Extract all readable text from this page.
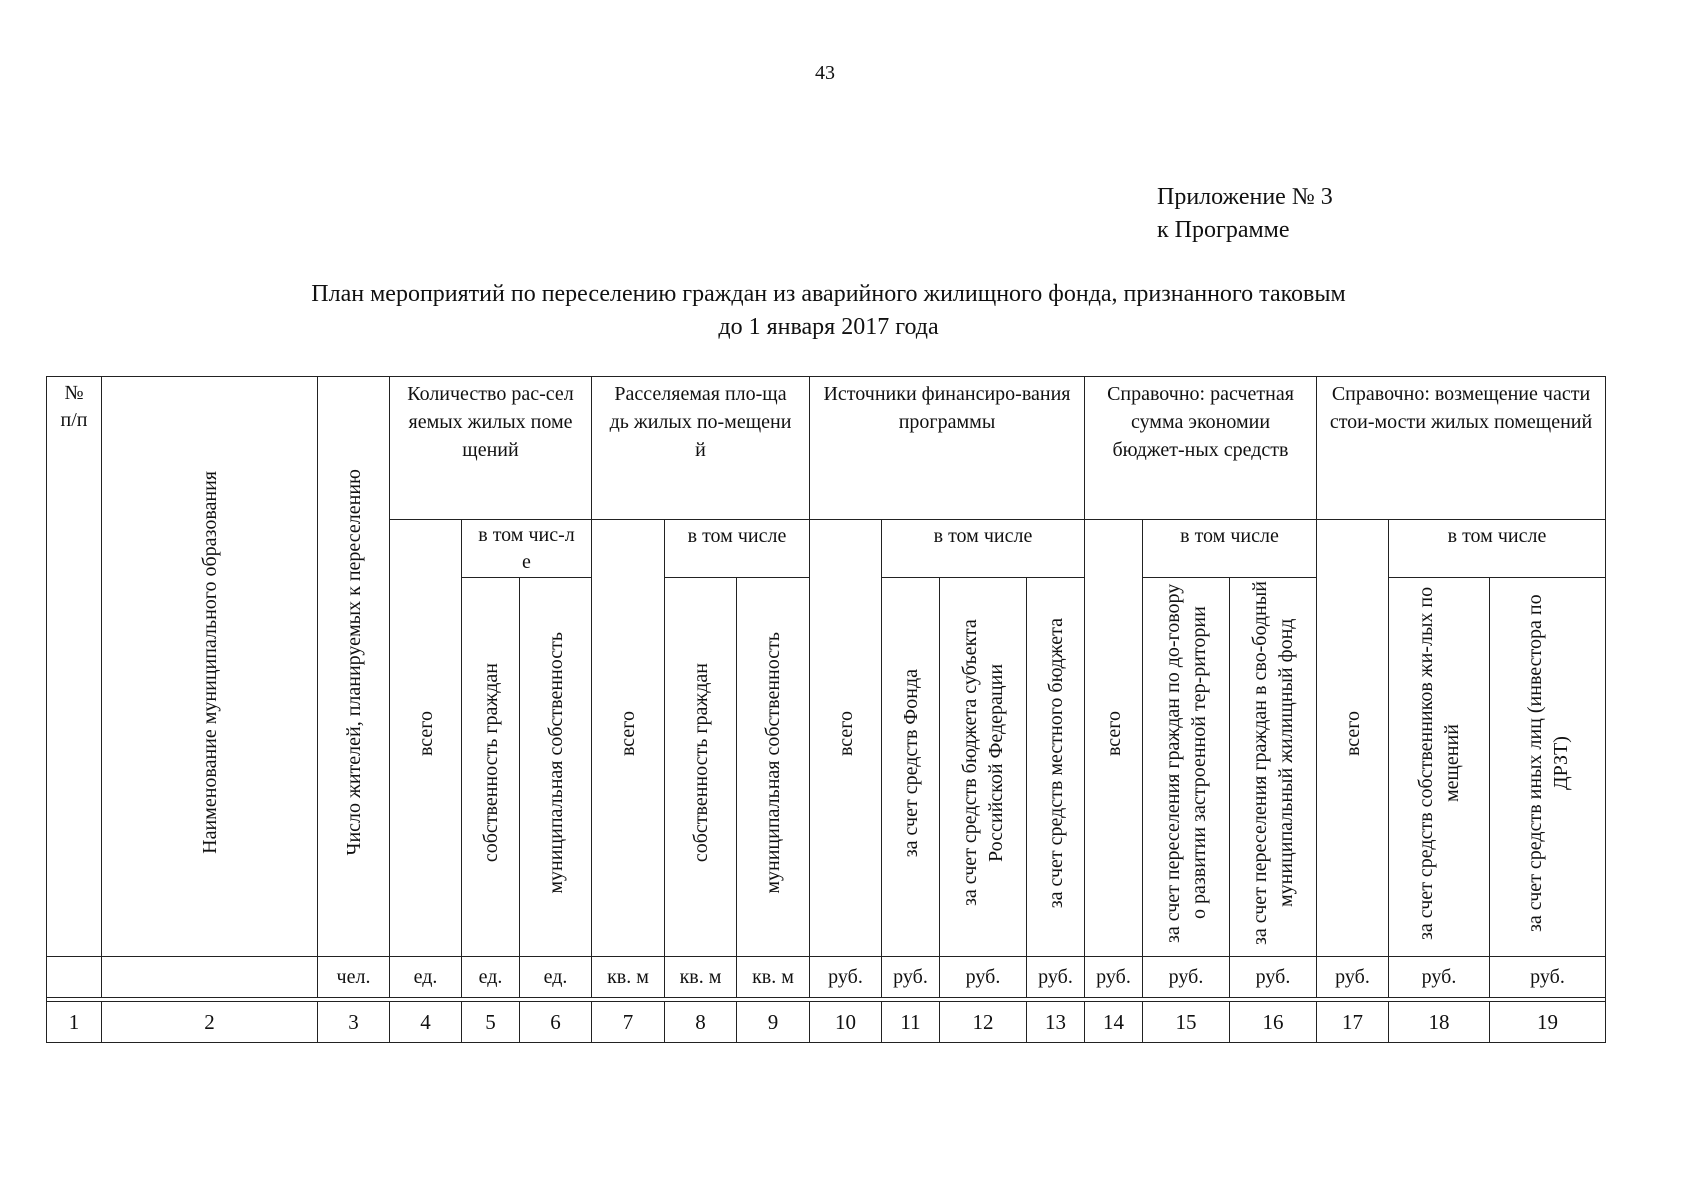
43
Приложение № 3
к Программе
План мероприятий по переселению граждан из аварийного жилищного фонда, признанного таковым
до 1 января 2017 года
№ п/п	Наименование муниципального образования	Число жителей, планируемых к переселению	Количество рас-селяемых жилых помещений			Расселяемая пло-щадь жилых по-мещений			Источники финансиро-вания программы				Справочно: расчетная сумма экономии бюджет-ных средств			Справочно: возмещение части стои-мости жилых помещений		

			всего	в том чис-ле		всего	в том числе		всего	в том числе			всего	в том числе		всего	в том числе	

				собственность граждан	муниципальная собственность		собственность граждан	муниципальная собственность		за счет средств Фонда	за счет средств бюджета субъекта Российской Федерации	за счет средств местного бюджета		за счет переселения граждан по до-говору о развитии застроенной тер-ритории	за счет переселения граждан в сво-бодный муниципальный жилищный фонд		за счет средств собственников жи-лых помещений	за счет средств иных лиц (инвестора по ДРЗТ)
		чел.	ед.	ед.	ед.	кв. м	кв. м	кв. м	руб.	руб.	руб.	руб.	руб.	руб.	руб.	руб.	руб.	руб.

1	2	3	4	5	6	7	8	9	10	11	12	13	14	15	16	17	18	19
